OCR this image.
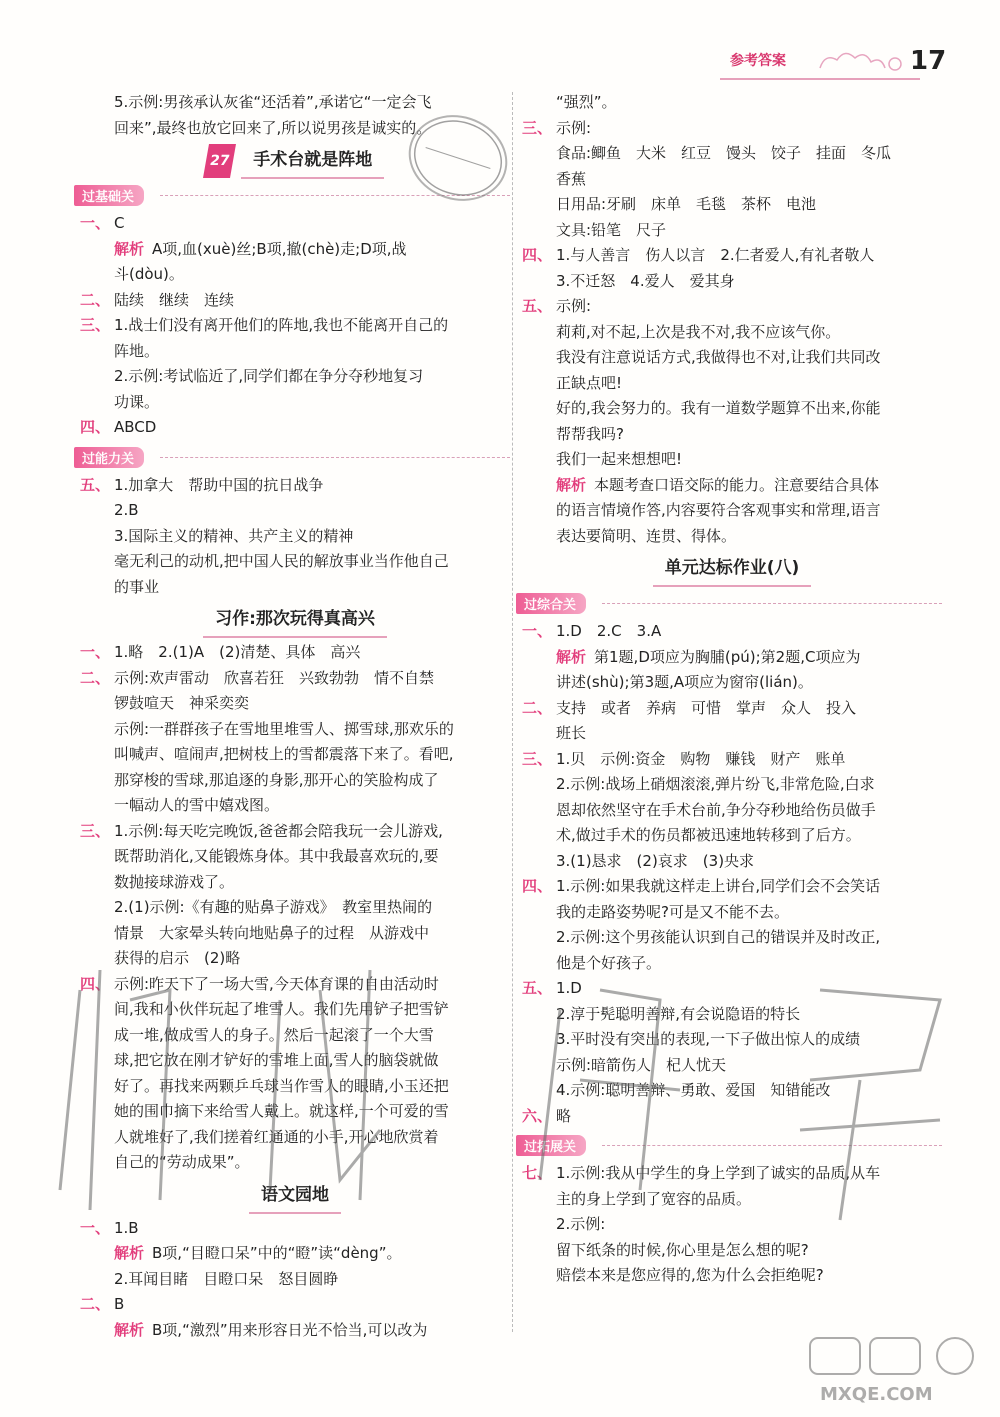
参考答案	17
5.示例:男孩承认灰雀“还活着”,承诺它“一定会飞
回来”,最终也放它回来了,所以说男孩是诚实的。
27 手术台就是阵地
过基础关
一、 C
解析 A项,血(xuè)丝;B项,撤(chè)走;D项,战
斗(dòu)。
二、 陆续　继续　连续
三、 1.战士们没有离开他们的阵地,我也不能离开自己的
阵地。
2.示例:考试临近了,同学们都在争分夺秒地复习
功课。
四、 ABCD
过能力关
五、 1.加拿大　帮助中国的抗日战争
2.B
3.国际主义的精神、共产主义的精神
毫无利己的动机,把中国人民的解放事业当作他自己
的事业
习作:那次玩得真高兴
一、 1.略　2.(1)A　(2)清楚、具体　高兴
二、 示例:欢声雷动　欣喜若狂　兴致勃勃　情不自禁
锣鼓喧天　神采奕奕
示例:一群群孩子在雪地里堆雪人、掷雪球,那欢乐的
叫喊声、喧闹声,把树枝上的雪都震落下来了。看吧,
那穿梭的雪球,那追逐的身影,那开心的笑脸构成了
一幅动人的雪中嬉戏图。
三、 1.示例:每天吃完晚饭,爸爸都会陪我玩一会儿游戏,
既帮助消化,又能锻炼身体。其中我最喜欢玩的,要
数抛接球游戏了。
2.(1)示例:《有趣的贴鼻子游戏》　教室里热闹的
情景　大家晕头转向地贴鼻子的过程　从游戏中
获得的启示　(2)略
四、 示例:昨天下了一场大雪,今天体育课的自由活动时
间,我和小伙伴玩起了堆雪人。我们先用铲子把雪铲
成一堆,做成雪人的身子。然后一起滚了一个大雪
球,把它放在刚才铲好的雪堆上面,雪人的脑袋就做
好了。再找来两颗乒乓球当作雪人的眼睛,小玉还把
她的围巾摘下来给雪人戴上。就这样,一个可爱的雪
人就堆好了,我们搓着红通通的小手,开心地欣赏着
自己的“劳动成果”。
语文园地
一、 1.B
解析 B项,“目瞪口呆”中的“瞪”读“dèng”。
2.耳闻目睹　目瞪口呆　怒目圆睁
二、 B
解析 B项,“激烈”用来形容日光不恰当,可以改为
“强烈”。
三、 示例:
食品:鲫鱼　大米　红豆　馒头　饺子　挂面　冬瓜
香蕉
日用品:牙刷　床单　毛毯　茶杯　电池
文具:铅笔　尺子
四、 1.与人善言　伤人以言　2.仁者爱人,有礼者敬人
3.不迁怒　4.爱人　爱其身
五、 示例:
莉莉,对不起,上次是我不对,我不应该气你。
我没有注意说话方式,我做得也不对,让我们共同改
正缺点吧!
好的,我会努力的。我有一道数学题算不出来,你能
帮帮我吗?
我们一起来想想吧!
解析 本题考查口语交际的能力。注意要结合具体
的语言情境作答,内容要符合客观事实和常理,语言
表达要简明、连贯、得体。
单元达标作业(八)
过综合关
一、 1.D　2.C　3.A
解析 第1题,D项应为胸脯(pú);第2题,C项应为
讲述(shù);第3题,A项应为窗帘(lián)。
二、 支持　或者　养病　可惜　掌声　众人　投入
班长
三、 1.贝　示例:资金　购物　赚钱　财产　账单
2.示例:战场上硝烟滚滚,弹片纷飞,非常危险,白求
恩却依然坚守在手术台前,争分夺秒地给伤员做手
术,做过手术的伤员都被迅速地转移到了后方。
3.(1)恳求　(2)哀求　(3)央求
四、 1.示例:如果我就这样走上讲台,同学们会不会笑话
我的走路姿势呢?可是又不能不去。
2.示例:这个男孩能认识到自己的错误并及时改正,
他是个好孩子。
五、 1.D
2.淳于髡聪明善辩,有会说隐语的特长
3.平时没有突出的表现,一下子做出惊人的成绩
示例:暗箭伤人　杞人忧天
4.示例:聪明善辩、勇敢、爱国　知错能改
六、 略
过拓展关
七、 1.示例:我从中学生的身上学到了诚实的品质,从车
主的身上学到了宽容的品质。
2.示例:
留下纸条的时候,你心里是怎么想的呢?
赔偿本来是您应得的,您为什么会拒绝呢?
MXQE.COM
